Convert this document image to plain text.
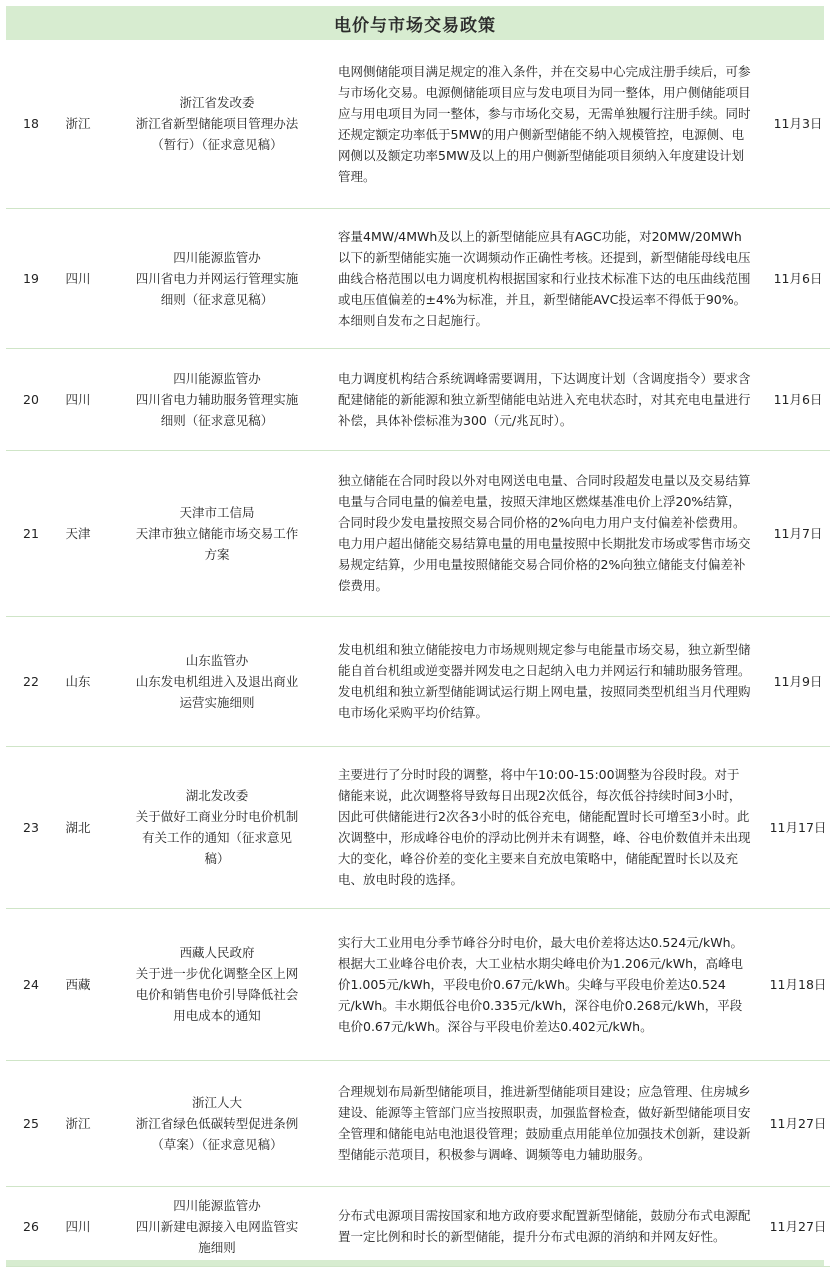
电价与市场交易政策
18	浙江	浙江省发改委
浙江省新型储能项目管理办法
（暂行）（征求意见稿）	电网侧储能项目满足规定的准入条件，并在交易中心完成注册手续后，可参与市场化交易。电源侧储能项目应与发电项目为同一整体，用户侧储能项目应与用电项目为同一整体，参与市场化交易，无需单独履行注册手续。同时还规定额定功率低于5MW的用户侧新型储能不纳入规模管控，电源侧、电网侧以及额定功率5MW及以上的用户侧新型储能项目须纳入年度建设计划管理。	11月3日
19	四川	四川能源监管办
四川省电力并网运行管理实施
细则（征求意见稿）	容量4MW/4MWh及以上的新型储能应具有AGC功能，对20MW/20MWh以下的新型储能实施一次调频动作正确性考核。还提到，新型储能母线电压曲线合格范围以电力调度机构根据国家和行业技术标准下达的电压曲线范围或电压值偏差的±4%为标准，并且，新型储能AVC投运率不得低于90%。本细则自发布之日起施行。	11月6日
20	四川	四川能源监管办
四川省电力辅助服务管理实施
细则（征求意见稿）	电力调度机构结合系统调峰需要调用，下达调度计划（含调度指令）要求含配建储能的新能源和独立新型储能电站进入充电状态时，对其充电电量进行补偿，具体补偿标准为300（元/兆瓦时）。	11月6日
21	天津	天津市工信局
天津市独立储能市场交易工作
方案	独立储能在合同时段以外对电网送电电量、合同时段超发电量以及交易结算电量与合同电量的偏差电量，按照天津地区燃煤基准电价上浮20%结算，合同时段少发电量按照交易合同价格的2%向电力用户支付偏差补偿费用。电力用户超出储能交易结算电量的用电量按照中长期批发市场或零售市场交易规定结算，少用电量按照储能交易合同价格的2%向独立储能支付偏差补偿费用。	11月7日
22	山东	山东监管办
山东发电机组进入及退出商业
运营实施细则	发电机组和独立储能按电力市场规则规定参与电能量市场交易，独立新型储能自首台机组或逆变器并网发电之日起纳入电力并网运行和辅助服务管理。发电机组和独立新型储能调试运行期上网电量，按照同类型机组当月代理购电市场化采购平均价结算。	11月9日
23	湖北	湖北发改委
关于做好工商业分时电价机制
有关工作的通知（征求意见
稿）	主要进行了分时时段的调整，将中午10:00-15:00调整为谷段时段。对于储能来说，此次调整将导致每日出现2次低谷，每次低谷持续时间3小时，因此可供储能进行2次各3小时的低谷充电，储能配置时长可增至3小时。此次调整中，形成峰谷电价的浮动比例并未有调整，峰、谷电价数值并未出现大的变化，峰谷价差的变化主要来自充放电策略中，储能配置时长以及充电、放电时段的选择。	11月17日
24	西藏	西藏人民政府
关于进一步优化调整全区上网
电价和销售电价引导降低社会
用电成本的通知	实行大工业用电分季节峰谷分时电价，最大电价差将达达0.524元/kWh。根据大工业峰谷电价表，大工业枯水期尖峰电价为1.206元/kWh，高峰电价1.005元/kWh，平段电价0.67元/kWh。尖峰与平段电价差达0.524元/kWh。丰水期低谷电价0.335元/kWh，深谷电价0.268元/kWh，平段电价0.67元/kWh。深谷与平段电价差达0.402元/kWh。	11月18日
25	浙江	浙江人大
浙江省绿色低碳转型促进条例
（草案）（征求意见稿）	合理规划布局新型储能项目，推进新型储能项目建设；应急管理、住房城乡建设、能源等主管部门应当按照职责，加强监督检查，做好新型储能项目安全管理和储能电站电池退役管理；鼓励重点用能单位加强技术创新，建设新型储能示范项目，积极参与调峰、调频等电力辅助服务。	11月27日
26	四川	四川能源监管办
四川新建电源接入电网监管实
施细则	分布式电源项目需按国家和地方政府要求配置新型储能，鼓励分布式电源配置一定比例和时长的新型储能，提升分布式电源的消纳和并网友好性。	11月27日
